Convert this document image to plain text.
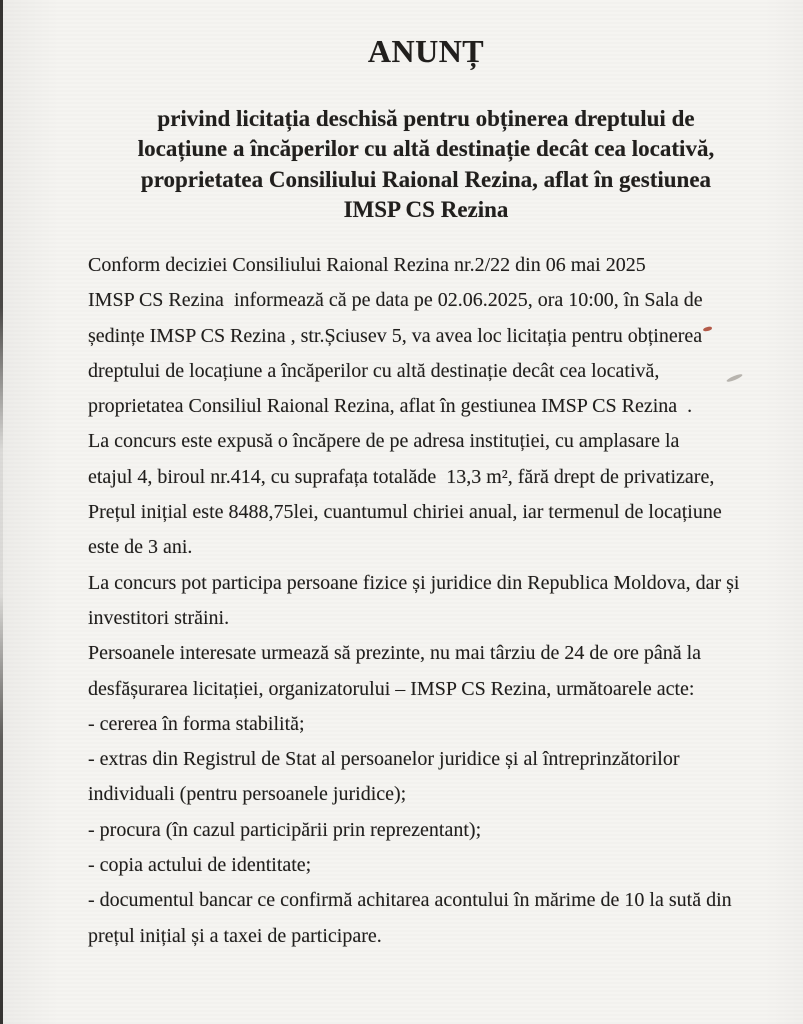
ANUNȚ
privind licitația deschisă pentru obținerea dreptului de
locațiune a încăperilor cu altă destinație decât cea locativă,
proprietatea Consiliului Raional Rezina, aflat în gestiunea
IMSP CS Rezina
Conform deciziei Consiliului Raional Rezina nr.2/22 din 06 mai 2025
IMSP CS Rezina  informează că pe data pe 02.06.2025, ora 10:00, în Sala de
ședințe IMSP CS Rezina , str.Șciusev 5, va avea loc licitația pentru obținerea
dreptului de locațiune a încăperilor cu altă destinație decât cea locativă,
proprietatea Consiliul Raional Rezina, aflat în gestiunea IMSP CS Rezina  .
La concurs este expusă o încăpere de pe adresa instituției, cu amplasare la
etajul 4, biroul nr.414, cu suprafața totalăde  13,3 m², fără drept de privatizare,
Prețul inițial este 8488,75lei, cuantumul chiriei anual, iar termenul de locațiune
este de 3 ani.
La concurs pot participa persoane fizice și juridice din Republica Moldova, dar și
investitori străini.
Persoanele interesate urmează să prezinte, nu mai târziu de 24 de ore până la
desfășurarea licitației, organizatorului – IMSP CS Rezina, următoarele acte:
- cererea în forma stabilită;
- extras din Registrul de Stat al persoanelor juridice și al întreprinzătorilor
individuali (pentru persoanele juridice);
- procura (în cazul participării prin reprezentant);
- copia actului de identitate;
- documentul bancar ce confirmă achitarea acontului în mărime de 10 la sută din
prețul inițial și a taxei de participare.
